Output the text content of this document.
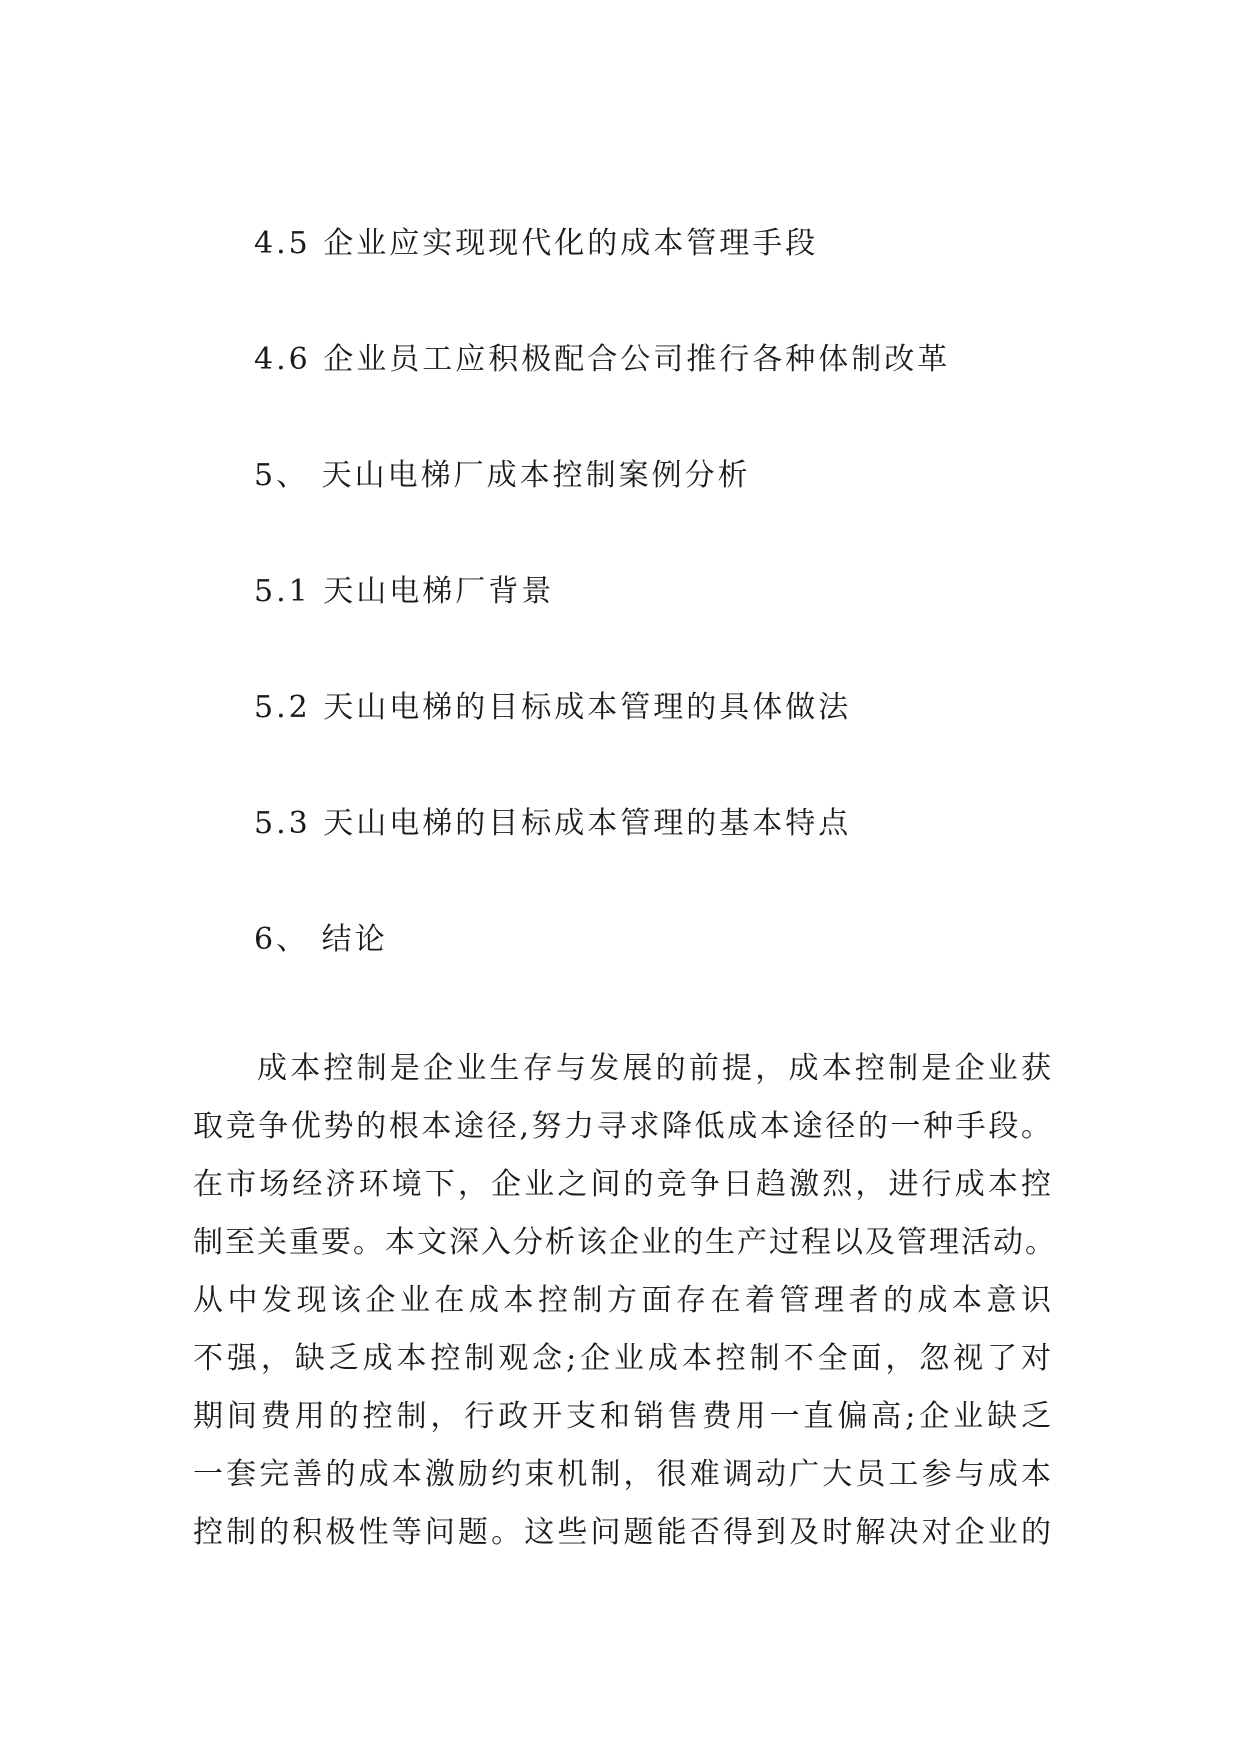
4.5 企业应实现现代化的成本管理手段
4.6 企业员工应积极配合公司推行各种体制改革
5、 天山电梯厂成本控制案例分析
5.1 天山电梯厂背景
5.2 天山电梯的目标成本管理的具体做法
5.3 天山电梯的目标成本管理的基本特点
6、 结论
成本控制是企业生存与发展的前提，成本控制是企业获
取竞争优势的根本途径,努力寻求降低成本途径的一种手段。
在市场经济环境下，企业之间的竞争日趋激烈，进行成本控
制至关重要。本文深入分析该企业的生产过程以及管理活动。
从中发现该企业在成本控制方面存在着管理者的成本意识
不强，缺乏成本控制观念;企业成本控制不全面，忽视了对
期间费用的控制，行政开支和销售费用一直偏高;企业缺乏
一套完善的成本激励约束机制，很难调动广大员工参与成本
控制的积极性等问题。这些问题能否得到及时解决对企业的
